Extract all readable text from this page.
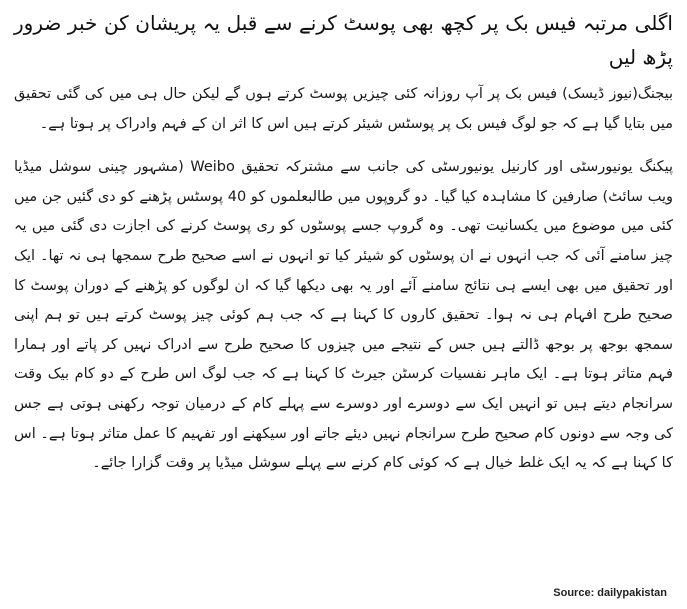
اگلی مرتبہ فیس بک پر کچھ بھی پوسٹ کرنے سے قبل یہ پریشان کن خبر ضرور پڑھ لیں

بیجنگ(نیوز ڈیسک) فیس بک پر آپ روزانہ کئی چیزیں پوسٹ کرتے ہوں گے لیکن حال ہی میں کی گئی تحقیق میں بتایا گیا ہے کہ جو لوگ فیس بک پر پوسٹس شیئر کرتے ہیں اس کا اثر ان کے فہم وادراک پر ہوتا ہے۔

پیکنگ یونیورسٹی اور کارنیل یونیورسٹی کی جانب سے مشترکہ تحقیق Weibo (مشہور چینی سوشل میڈیا ویب سائٹ) صارفین کا مشاہدہ کیا گیا۔ دو گروپوں میں طالبعلموں کو 40 پوسٹس پڑھنے کو دی گئیں جن میں کئی میں موضوع میں یکسانیت تھی۔ وہ گروپ جسے پوسٹوں کو ری پوسٹ کرنے کی اجازت دی گئی میں یہ چیز سامنے آئی کہ جب انہوں نے ان پوسٹوں کو شیئر کیا تو انہوں نے اسے صحیح طرح سمجھا ہی نہ تھا۔ ایک اور تحقیق میں بھی ایسے ہی نتائج سامنے آئے اور یہ بھی دیکھا گیا کہ ان لوگوں کو پڑھنے کے دوران پوسٹ کا صحیح طرح افہام ہی نہ ہوا۔ تحقیق کاروں کا کہنا ہے کہ جب ہم کوئی چیز پوسٹ کرتے ہیں تو ہم اپنی سمجھ بوجھ پر بوجھ ڈالتے ہیں جس کے نتیجے میں چیزوں کا صحیح طرح سے ادراک نہیں کر پاتے اور ہمارا فہم متاثر ہوتا ہے۔ ایک ماہر نفسیات کرسٹن جیرٹ کا کہنا ہے کہ جب لوگ اس طرح کے دو کام بیک وقت سرانجام دیتے ہیں تو انہیں ایک سے دوسرے اور دوسرے سے پہلے کام کے درمیان توجہ رکھنی ہوتی ہے جس کی وجہ سے دونوں کام صحیح طرح سرانجام نہیں دیئے جاتے اور سیکھنے اور تفہیم کا عمل متاثر ہوتا ہے۔ اس کا کہنا ہے کہ یہ ایک غلط خیال ہے کہ کوئی کام کرنے سے پہلے سوشل میڈیا پر وقت گزارا جائے۔

Source: dailypakistan
